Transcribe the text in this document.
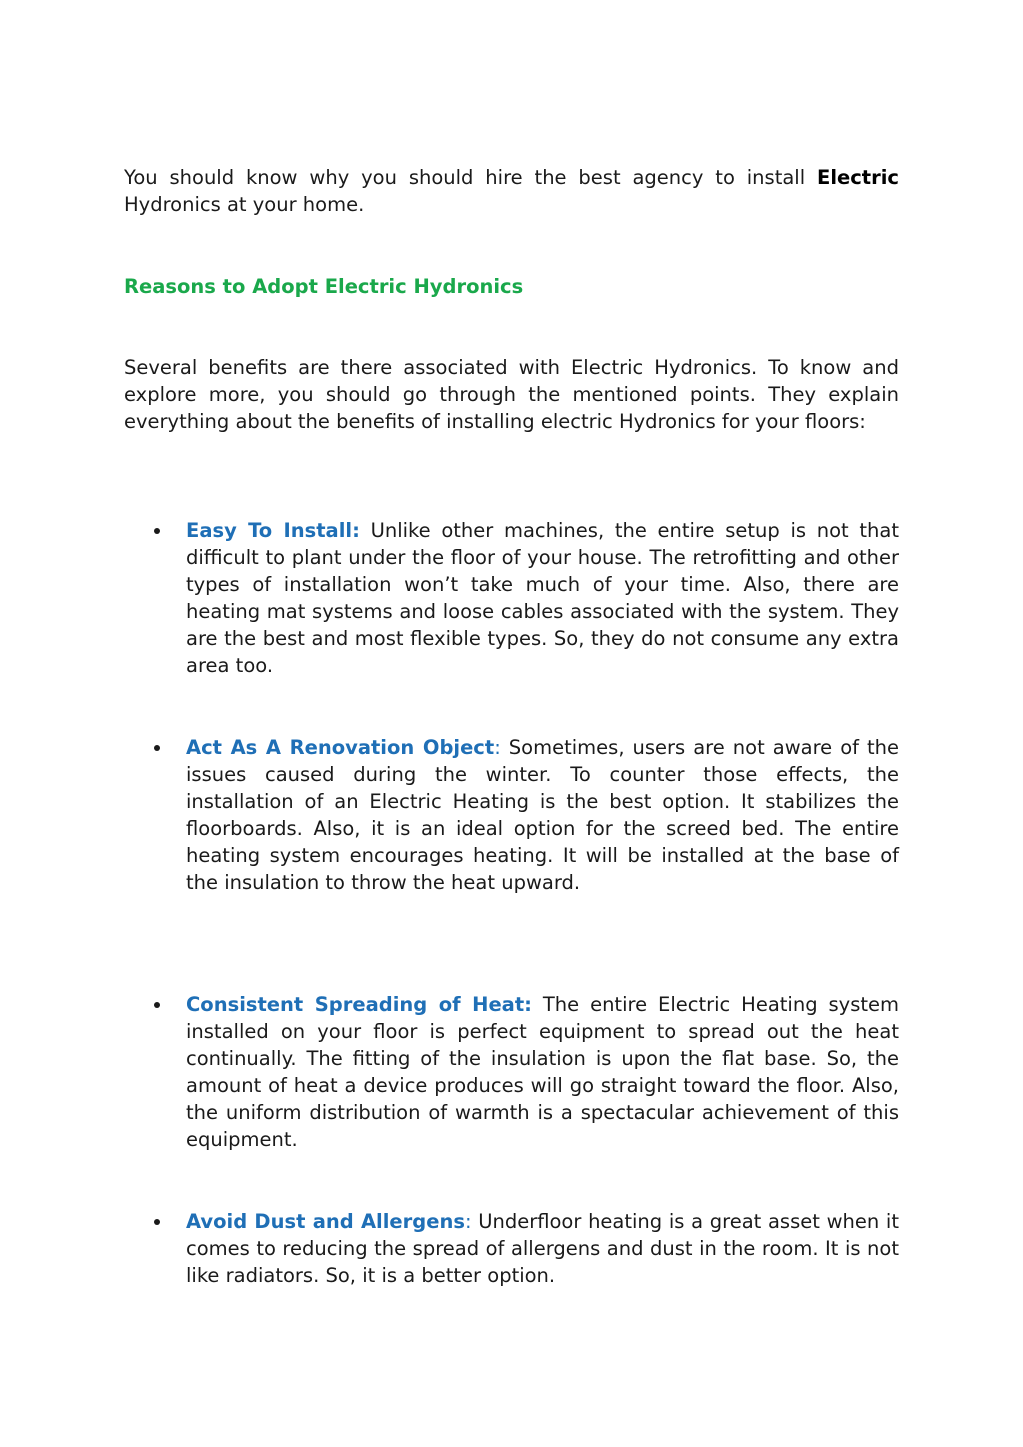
You should know why you should hire the best agency to install Electric Hydronics at your home.

Reasons to Adopt Electric Hydronics

Several benefits are there associated with Electric Hydronics. To know and explore more, you should go through the mentioned points. They explain everything about the benefits of installing electric Hydronics for your floors:

Easy To Install: Unlike other machines, the entire setup is not that difficult to plant under the floor of your house. The retrofitting and other types of installation won’t take much of your time. Also, there are heating mat systems and loose cables associated with the system. They are the best and most flexible types. So, they do not consume any extra area too.
Act As A Renovation Object: Sometimes, users are not aware of the issues caused during the winter. To counter those effects, the installation of an Electric Heating is the best option. It stabilizes the floorboards. Also, it is an ideal option for the screed bed. The entire heating system encourages heating. It will be installed at the base of the insulation to throw the heat upward.
Consistent Spreading of Heat: The entire Electric Heating system installed on your floor is perfect equipment to spread out the heat continually. The fitting of the insulation is upon the flat base. So, the amount of heat a device produces will go straight toward the floor. Also, the uniform distribution of warmth is a spectacular achievement of this equipment.
Avoid Dust and Allergens: Underfloor heating is a great asset when it comes to reducing the spread of allergens and dust in the room. It is not like radiators. So, it is a better option.
